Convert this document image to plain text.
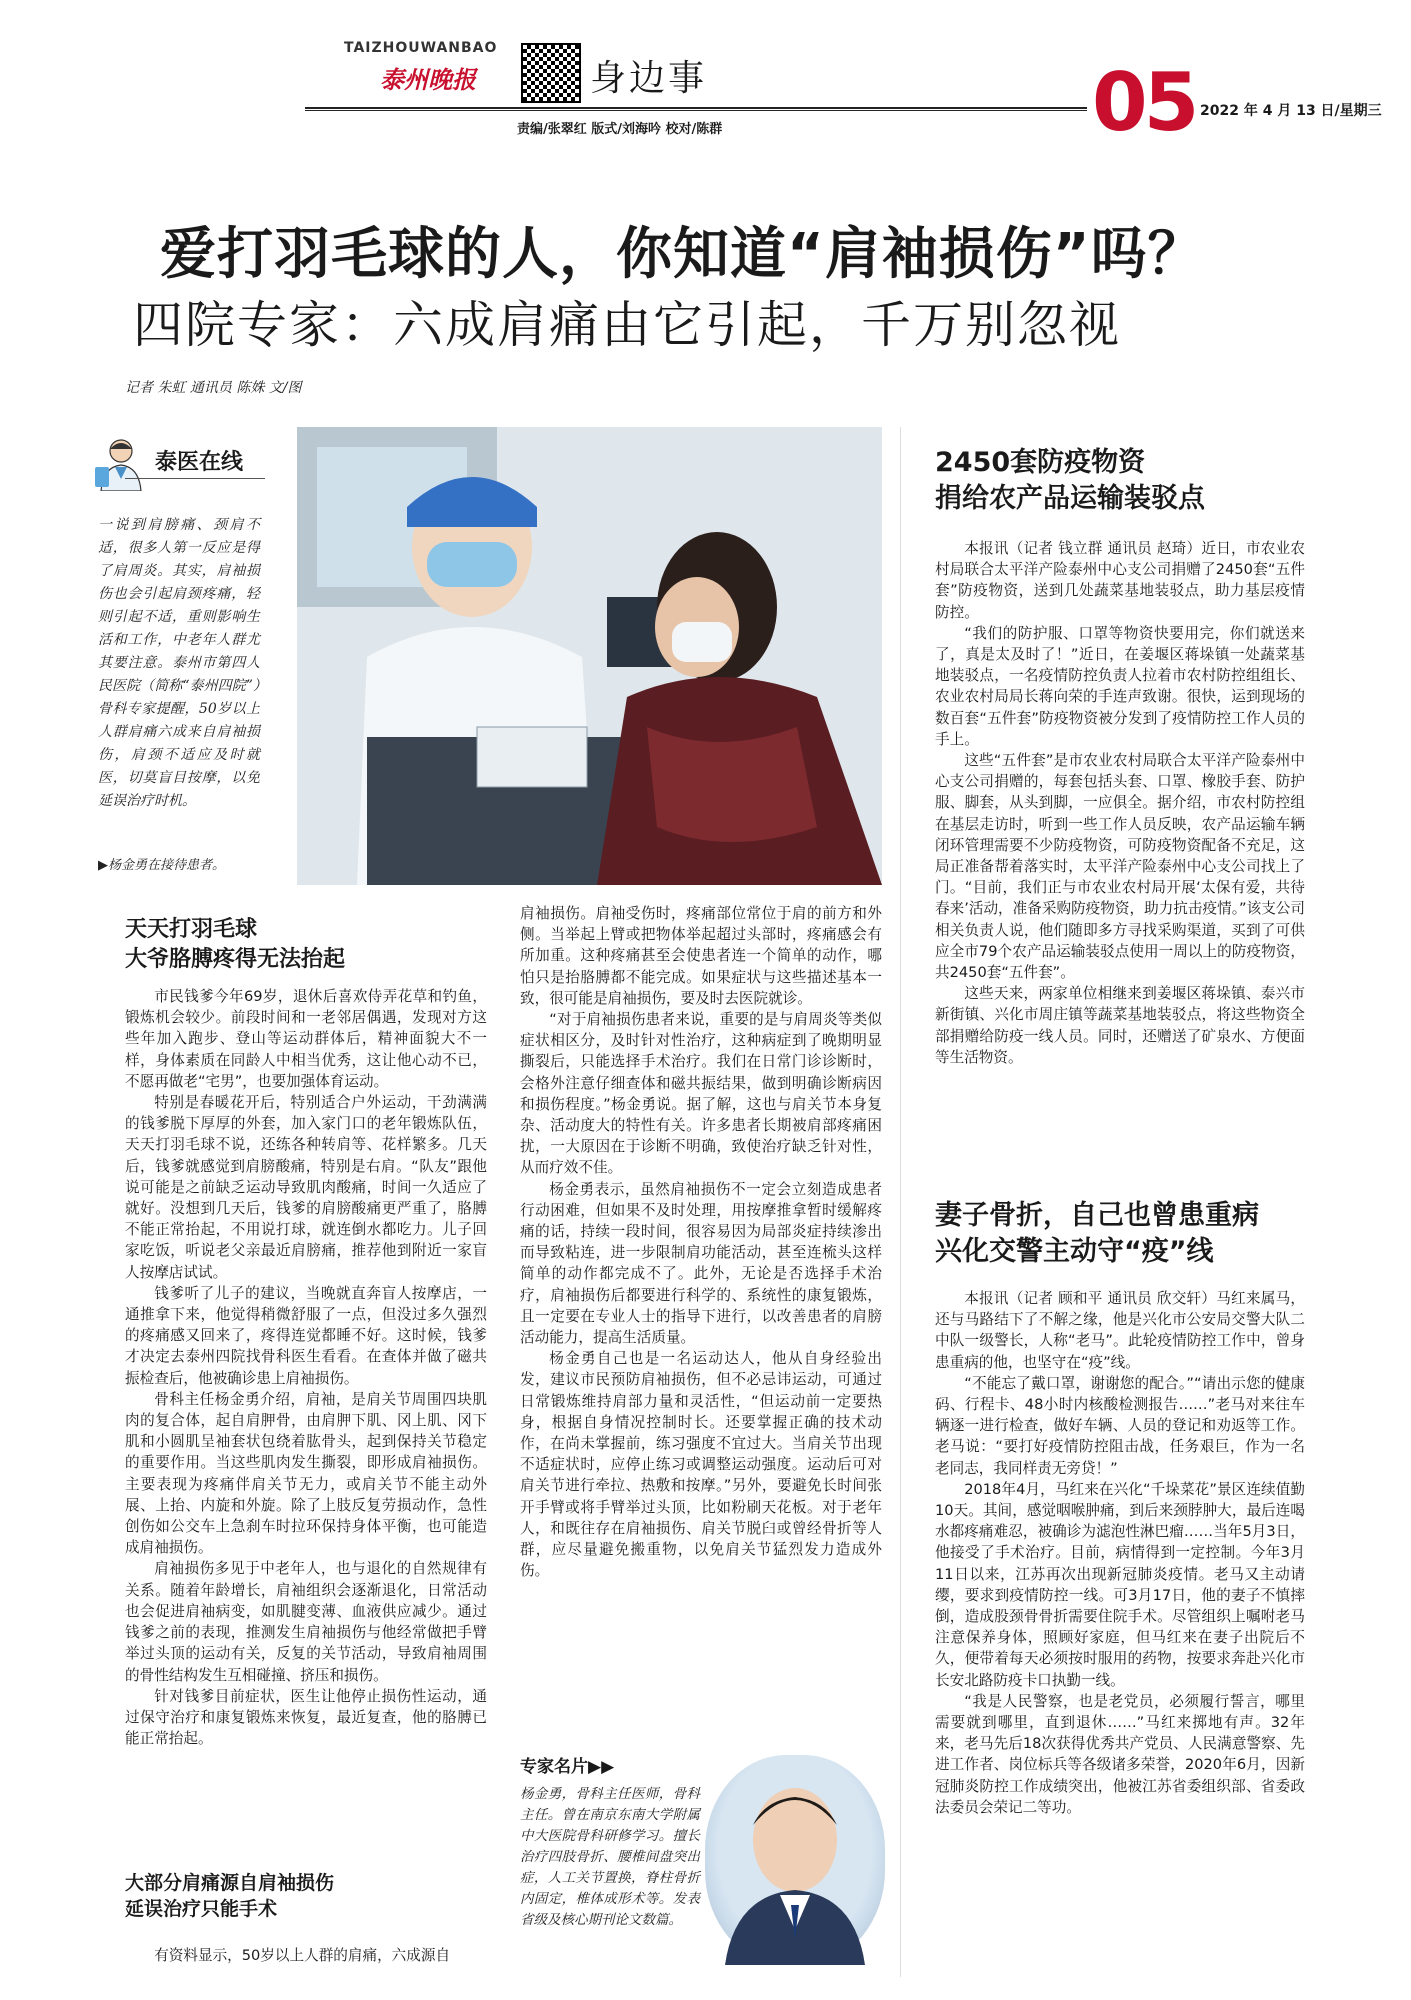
TAIZHOUWANBAO
泰州晚报	身边事
责编/张翠红 版式/刘海吟 校对/陈群	05 2022 年 4 月 13 日/星期三
爱打羽毛球的人，你知道“肩袖损伤”吗？
四院专家：六成肩痛由它引起，千万别忽视
记者 朱虹 通讯员 陈姝 文/图
泰医在线
一说到肩膀痛、颈肩不适，很多人第一反应是得了肩周炎。其实，肩袖损伤也会引起肩颈疼痛，轻则引起不适，重则影响生活和工作，中老年人群尤其要注意。泰州市第四人民医院（简称“泰州四院”）骨科专家提醒，50岁以上人群肩痛六成来自肩袖损伤，肩颈不适应及时就医，切莫盲目按摩，以免延误治疗时机。
▶杨金勇在接待患者。
天天打羽毛球
大爷胳膊疼得无法抬起

市民钱爹今年69岁，退休后喜欢侍弄花草和钓鱼，锻炼机会较少。前段时间和一老邻居偶遇，发现对方这些年加入跑步、登山等运动群体后，精神面貌大不一样，身体素质在同龄人中相当优秀，这让他心动不已，不愿再做老“宅男”，也要加强体育运动。

特别是春暖花开后，特别适合户外运动，干劲满满的钱爹脱下厚厚的外套，加入家门口的老年锻炼队伍，天天打羽毛球不说，还练各种转肩等、花样繁多。几天后，钱爹就感觉到肩膀酸痛，特别是右肩。“队友”跟他说可能是之前缺乏运动导致肌肉酸痛，时间一久适应了就好。没想到几天后，钱爹的肩膀酸痛更严重了，胳膊不能正常抬起，不用说打球，就连倒水都吃力。儿子回家吃饭，听说老父亲最近肩膀痛，推荐他到附近一家盲人按摩店试试。

钱爹听了儿子的建议，当晚就直奔盲人按摩店，一通推拿下来，他觉得稍微舒服了一点，但没过多久强烈的疼痛感又回来了，疼得连觉都睡不好。这时候，钱爹才决定去泰州四院找骨科医生看看。在查体并做了磁共振检查后，他被确诊患上肩袖损伤。

骨科主任杨金勇介绍，肩袖，是肩关节周围四块肌肉的复合体，起自肩胛骨，由肩胛下肌、冈上肌、冈下肌和小圆肌呈袖套状包绕着肱骨头，起到保持关节稳定的重要作用。当这些肌肉发生撕裂，即形成肩袖损伤。主要表现为疼痛伴肩关节无力，或肩关节不能主动外展、上抬、内旋和外旋。除了上肢反复劳损动作，急性创伤如公交车上急刹车时拉环保持身体平衡，也可能造成肩袖损伤。

肩袖损伤多见于中老年人，也与退化的自然规律有关系。随着年龄增长，肩袖组织会逐渐退化，日常活动也会促进肩袖病变，如肌腱变薄、血液供应减少。通过钱爹之前的表现，推测发生肩袖损伤与他经常做把手臂举过头顶的运动有关，反复的关节活动，导致肩袖周围的骨性结构发生互相碰撞、挤压和损伤。

针对钱爹目前症状，医生让他停止损伤性运动，通过保守治疗和康复锻炼来恢复，最近复查，他的胳膊已能正常抬起。

大部分肩痛源自肩袖损伤
延误治疗只能手术

有资料显示，50岁以上人群的肩痛，六成源自

肩袖损伤。肩袖受伤时，疼痛部位常位于肩的前方和外侧。当举起上臂或把物体举起超过头部时，疼痛感会有所加重。这种疼痛甚至会使患者连一个简单的动作，哪怕只是抬胳膊都不能完成。如果症状与这些描述基本一致，很可能是肩袖损伤，要及时去医院就诊。

“对于肩袖损伤患者来说，重要的是与肩周炎等类似症状相区分，及时针对性治疗，这种病症到了晚期明显撕裂后，只能选择手术治疗。我们在日常门诊诊断时，会格外注意仔细查体和磁共振结果，做到明确诊断病因和损伤程度。”杨金勇说。据了解，这也与肩关节本身复杂、活动度大的特性有关。许多患者长期被肩部疼痛困扰，一大原因在于诊断不明确，致使治疗缺乏针对性，从而疗效不佳。

杨金勇表示，虽然肩袖损伤不一定会立刻造成患者行动困难，但如果不及时处理，用按摩推拿暂时缓解疼痛的话，持续一段时间，很容易因为局部炎症持续渗出而导致粘连，进一步限制肩功能活动，甚至连梳头这样简单的动作都完成不了。此外，无论是否选择手术治疗，肩袖损伤后都要进行科学的、系统性的康复锻炼，且一定要在专业人士的指导下进行，以改善患者的肩膀活动能力，提高生活质量。

杨金勇自己也是一名运动达人，他从自身经验出发，建议市民预防肩袖损伤，但不必忌讳运动，可通过日常锻炼维持肩部力量和灵活性，“但运动前一定要热身，根据自身情况控制时长。还要掌握正确的技术动作，在尚未掌握前，练习强度不宜过大。当肩关节出现不适症状时，应停止练习或调整运动强度。运动后可对肩关节进行牵拉、热敷和按摩。”另外，要避免长时间张开手臂或将手臂举过头顶，比如粉刷天花板。对于老年人，和既往存在肩袖损伤、肩关节脱臼或曾经骨折等人群，应尽量避免搬重物，以免肩关节猛烈发力造成外伤。

专家名片▶▶
杨金勇，骨科主任医师，骨科主任。曾在南京东南大学附属中大医院骨科研修学习。擅长治疗四肢骨折、腰椎间盘突出症，人工关节置换，脊柱骨折内固定，椎体成形术等。发表省级及核心期刊论文数篇。
2450套防疫物资
捐给农产品运输装驳点

本报讯（记者 钱立群 通讯员 赵琦）近日，市农业农村局联合太平洋产险泰州中心支公司捐赠了2450套“五件套”防疫物资，送到几处蔬菜基地装驳点，助力基层疫情防控。

“我们的防护服、口罩等物资快要用完，你们就送来了，真是太及时了！”近日，在姜堰区蒋垛镇一处蔬菜基地装驳点，一名疫情防控负责人拉着市农村防控组组长、农业农村局局长蒋向荣的手连声致谢。很快，运到现场的数百套“五件套”防疫物资被分发到了疫情防控工作人员的手上。

这些“五件套”是市农业农村局联合太平洋产险泰州中心支公司捐赠的，每套包括头套、口罩、橡胶手套、防护服、脚套，从头到脚，一应俱全。据介绍，市农村防控组在基层走访时，听到一些工作人员反映，农产品运输车辆闭环管理需要不少防疫物资，可防疫物资配备不充足，这局正准备帮着落实时，太平洋产险泰州中心支公司找上了门。“目前，我们正与市农业农村局开展‘太保有爱，共待春来’活动，准备采购防疫物资，助力抗击疫情。”该支公司相关负责人说，他们随即多方寻找采购渠道，买到了可供应全市79个农产品运输装驳点使用一周以上的防疫物资，共2450套“五件套”。

这些天来，两家单位相继来到姜堰区蒋垛镇、泰兴市新街镇、兴化市周庄镇等蔬菜基地装驳点，将这些物资全部捐赠给防疫一线人员。同时，还赠送了矿泉水、方便面等生活物资。

妻子骨折，自己也曾患重病
兴化交警主动守“疫”线

本报讯（记者 顾和平 通讯员 欣交轩）马红来属马，还与马路结下了不解之缘，他是兴化市公安局交警大队二中队一级警长，人称“老马”。此轮疫情防控工作中，曾身患重病的他，也坚守在“疫”线。

“不能忘了戴口罩，谢谢您的配合。”“请出示您的健康码、行程卡、48小时内核酸检测报告……”老马对来往车辆逐一进行检查，做好车辆、人员的登记和劝返等工作。老马说：“要打好疫情防控阻击战，任务艰巨，作为一名老同志，我同样责无旁贷！”

2018年4月，马红来在兴化“千垛菜花”景区连续值勤10天。其间，感觉咽喉肿痛，到后来颈脖肿大，最后连喝水都疼痛难忍，被确诊为滤泡性淋巴瘤……当年5月3日，他接受了手术治疗。目前，病情得到一定控制。今年3月11日以来，江苏再次出现新冠肺炎疫情。老马又主动请缨，要求到疫情防控一线。可3月17日，他的妻子不慎摔倒，造成股颈骨骨折需要住院手术。尽管组织上嘱咐老马注意保养身体，照顾好家庭，但马红来在妻子出院后不久，便带着每天必须按时服用的药物，按要求奔赴兴化市长安北路防疫卡口执勤一线。

“我是人民警察，也是老党员，必须履行誓言，哪里需要就到哪里，直到退休……”马红来掷地有声。32年来，老马先后18次获得优秀共产党员、人民满意警察、先进工作者、岗位标兵等各级诸多荣誉，2020年6月，因新冠肺炎防控工作成绩突出，他被江苏省委组织部、省委政法委员会荣记二等功。
